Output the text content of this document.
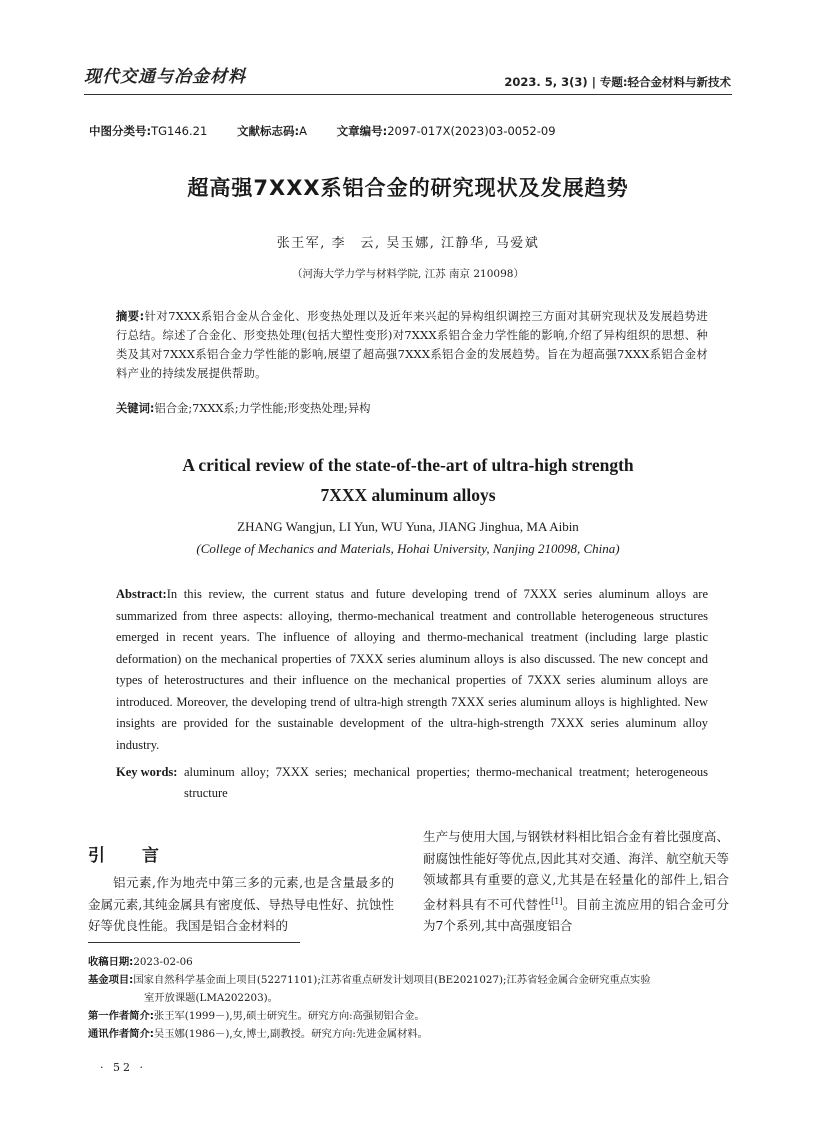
现代交通与冶金材料	2023. 5, 3(3) | 专题:轻合金材料与新技术
中图分类号:TG146.21	文献标志码:A	文章编号:2097-017X(2023)03-0052-09
超高强7XXX系铝合金的研究现状及发展趋势
张王军, 李　云, 吴玉娜, 江静华, 马爱斌
（河海大学力学与材料学院, 江苏 南京 210098）
摘要:针对7XXX系铝合金从合金化、形变热处理以及近年来兴起的异构组织调控三方面对其研究现状及发展趋势进行总结。综述了合金化、形变热处理(包括大塑性变形)对7XXX系铝合金力学性能的影响,介绍了异构组织的思想、种类及其对7XXX系铝合金力学性能的影响,展望了超高强7XXX系铝合金的发展趋势。旨在为超高强7XXX系铝合金材料产业的持续发展提供帮助。
关键词:铝合金;7XXX系;力学性能;形变热处理;异构
A critical review of the state-of-the-art of ultra-high strength
7XXX aluminum alloys
ZHANG Wangjun, LI Yun, WU Yuna, JIANG Jinghua, MA Aibin
(College of Mechanics and Materials, Hohai University, Nanjing 210098, China)
Abstract:In this review, the current status and future developing trend of 7XXX series aluminum alloys are summarized from three aspects: alloying, thermo-mechanical treatment and controllable heterogeneous structures emerged in recent years. The influence of alloying and thermo-mechanical treatment (including large plastic deformation) on the mechanical properties of 7XXX series aluminum alloys is also discussed. The new concept and types of heterostructures and their influence on the mechanical properties of 7XXX series aluminum alloys are introduced. Moreover, the developing trend of ultra-high strength 7XXX series aluminum alloys is highlighted. New insights are provided for the sustainable development of the ultra-high-strength 7XXX series aluminum alloy industry.
Key words: aluminum alloy; 7XXX series; mechanical properties; thermo-mechanical treatment; heterogeneous structure
引　言
铝元素,作为地壳中第三多的元素,也是含量最多的金属元素,其纯金属具有密度低、导热导电性好、抗蚀性好等优良性能。我国是铝合金材料的
生产与使用大国,与钢铁材料相比铝合金有着比强度高、耐腐蚀性能好等优点,因此其对交通、海洋、航空航天等领域都具有重要的意义,尤其是在轻量化的部件上,铝合金材料具有不可代替性[1]。目前主流应用的铝合金可分为7个系列,其中高强度铝合
收稿日期:2023-02-06
基金项目:国家自然科学基金面上项目(52271101);江苏省重点研发计划项目(BE2021027);江苏省轻金属合金研究重点实验
室开放课题(LMA202203)。
第一作者简介:张王军(1999－),男,硕士研究生。研究方向:高强韧铝合金。
通讯作者简介:吴玉娜(1986－),女,博士,副教授。研究方向:先进金属材料。
· 52 ·
